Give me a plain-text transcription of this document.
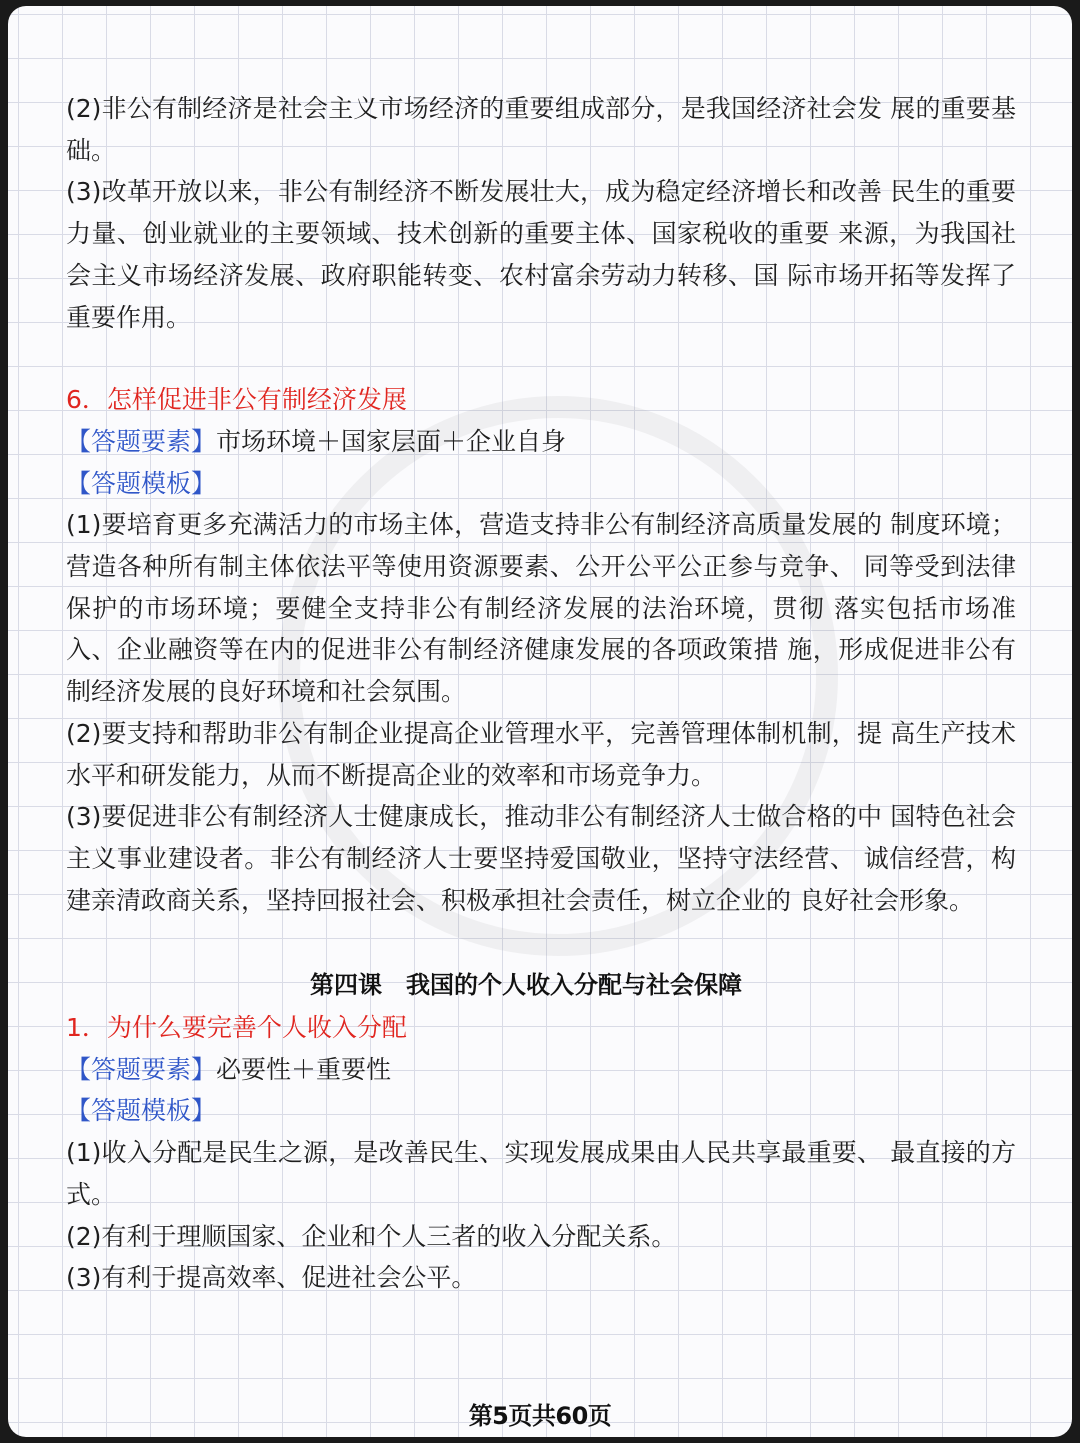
(2)非公有制经济是社会主义市场经济的重要组成部分，是我国经济社会发 展的重要基础。

(3)改革开放以来，非公有制经济不断发展壮大，成为稳定经济增长和改善 民生的重要力量、创业就业的主要领域、技术创新的重要主体、国家税收的重要 来源，为我国社会主义市场经济发展、政府职能转变、农村富余劳动力转移、国 际市场开拓等发挥了重要作用。

6．怎样促进非公有制经济发展

【答题要素】市场环境＋国家层面＋企业自身

【答题模板】

(1)要培育更多充满活力的市场主体，营造支持非公有制经济高质量发展的 制度环境；营造各种所有制主体依法平等使用资源要素、公开公平公正参与竞争、 同等受到法律保护的市场环境；要健全支持非公有制经济发展的法治环境，贯彻 落实包括市场准入、企业融资等在内的促进非公有制经济健康发展的各项政策措 施，形成促进非公有制经济发展的良好环境和社会氛围。

(2)要支持和帮助非公有制企业提高企业管理水平，完善管理体制机制，提 高生产技术水平和研发能力，从而不断提高企业的效率和市场竞争力。

(3)要促进非公有制经济人士健康成长，推动非公有制经济人士做合格的中 国特色社会主义事业建设者。非公有制经济人士要坚持爱国敬业，坚持守法经营、 诚信经营，构建亲清政商关系，坚持回报社会、积极承担社会责任，树立企业的 良好社会形象。

第四课　我国的个人收入分配与社会保障

1．为什么要完善个人收入分配

【答题要素】必要性＋重要性

【答题模板】

(1)收入分配是民生之源，是改善民生、实现发展成果由人民共享最重要、 最直接的方式。

(2)有利于理顺国家、企业和个人三者的收入分配关系。

(3)有利于提高效率、促进社会公平。

第5页共60页
